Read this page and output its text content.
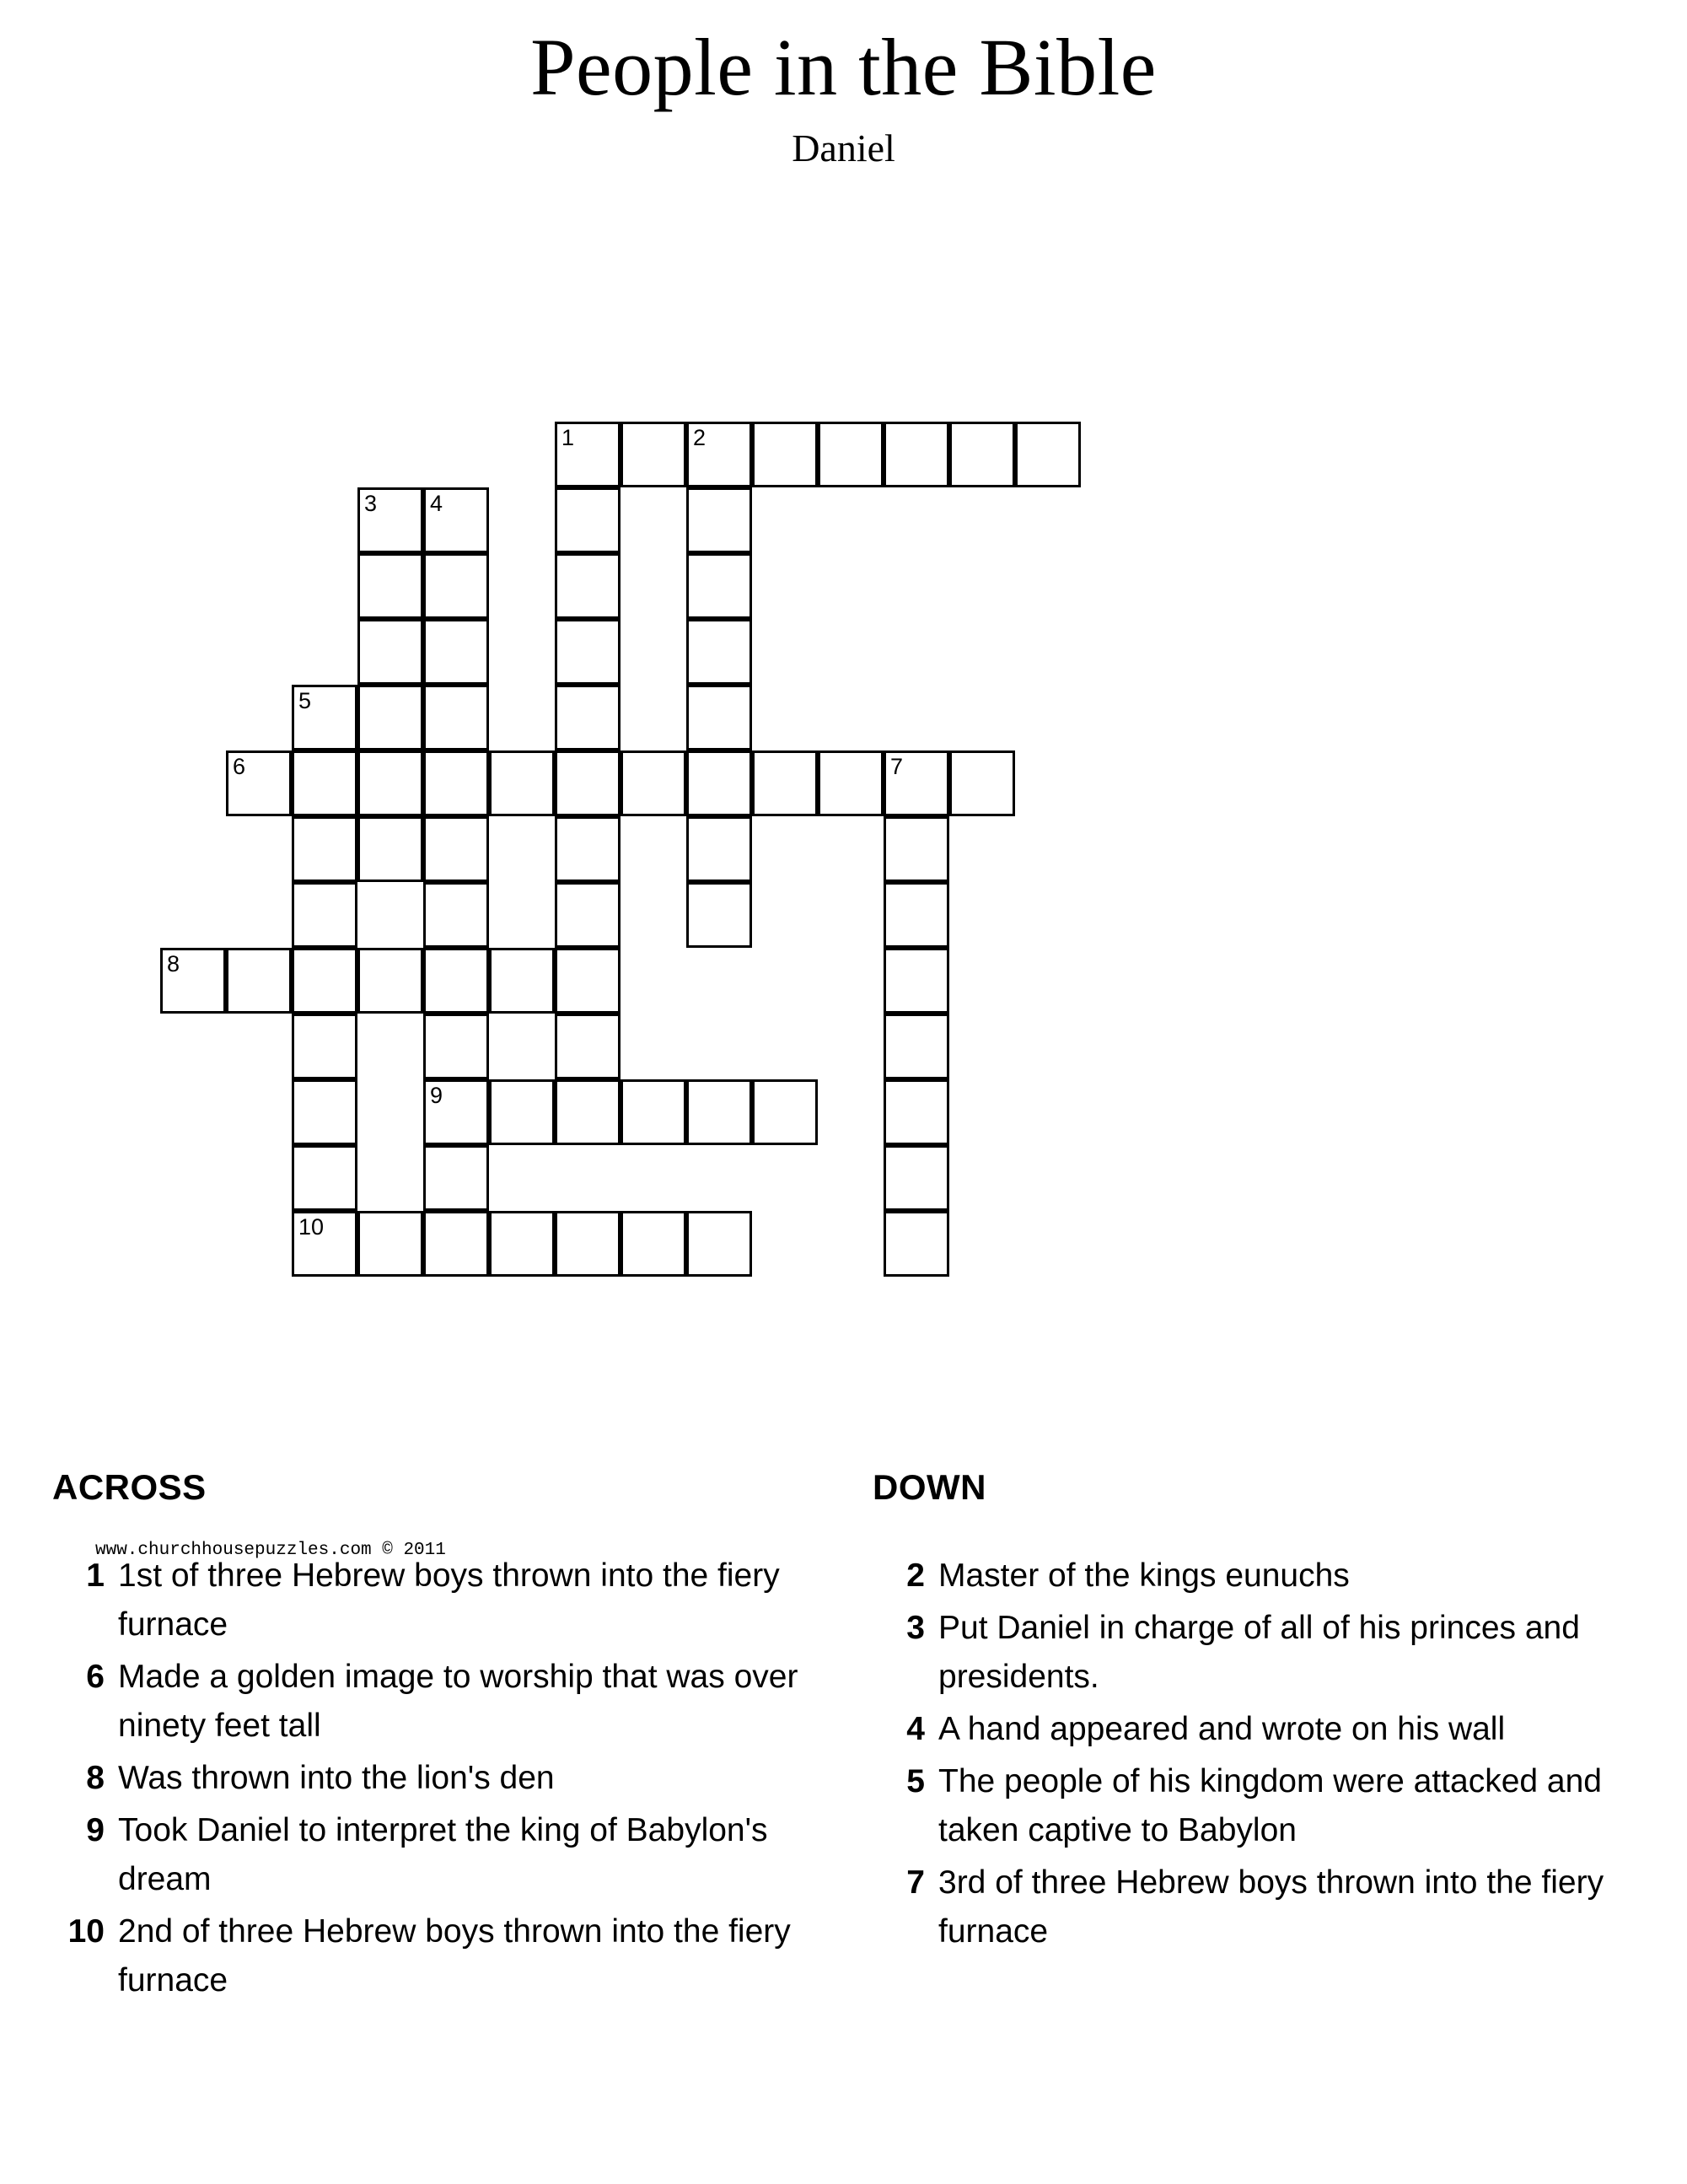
People in the Bible
Daniel
1	2
3 4
5
6	7
8
9
10
www.churchhousepuzzles.com © 2011
ACROSS
1 1st of three Hebrew boys thrown into the fiery furnace
6 Made a golden image to worship that was over ninety feet tall
8 Was thrown into the lion's den
9 Took Daniel to interpret the king of Babylon's dream
10 2nd of three Hebrew boys thrown into the fiery furnace
DOWN
2 Master of the kings eunuchs
3 Put Daniel in charge of all of his princes and presidents.
4 A hand appeared and wrote on his wall
5 The people of his kingdom were attacked and taken captive to Babylon
7 3rd of three Hebrew boys thrown into the fiery furnace
